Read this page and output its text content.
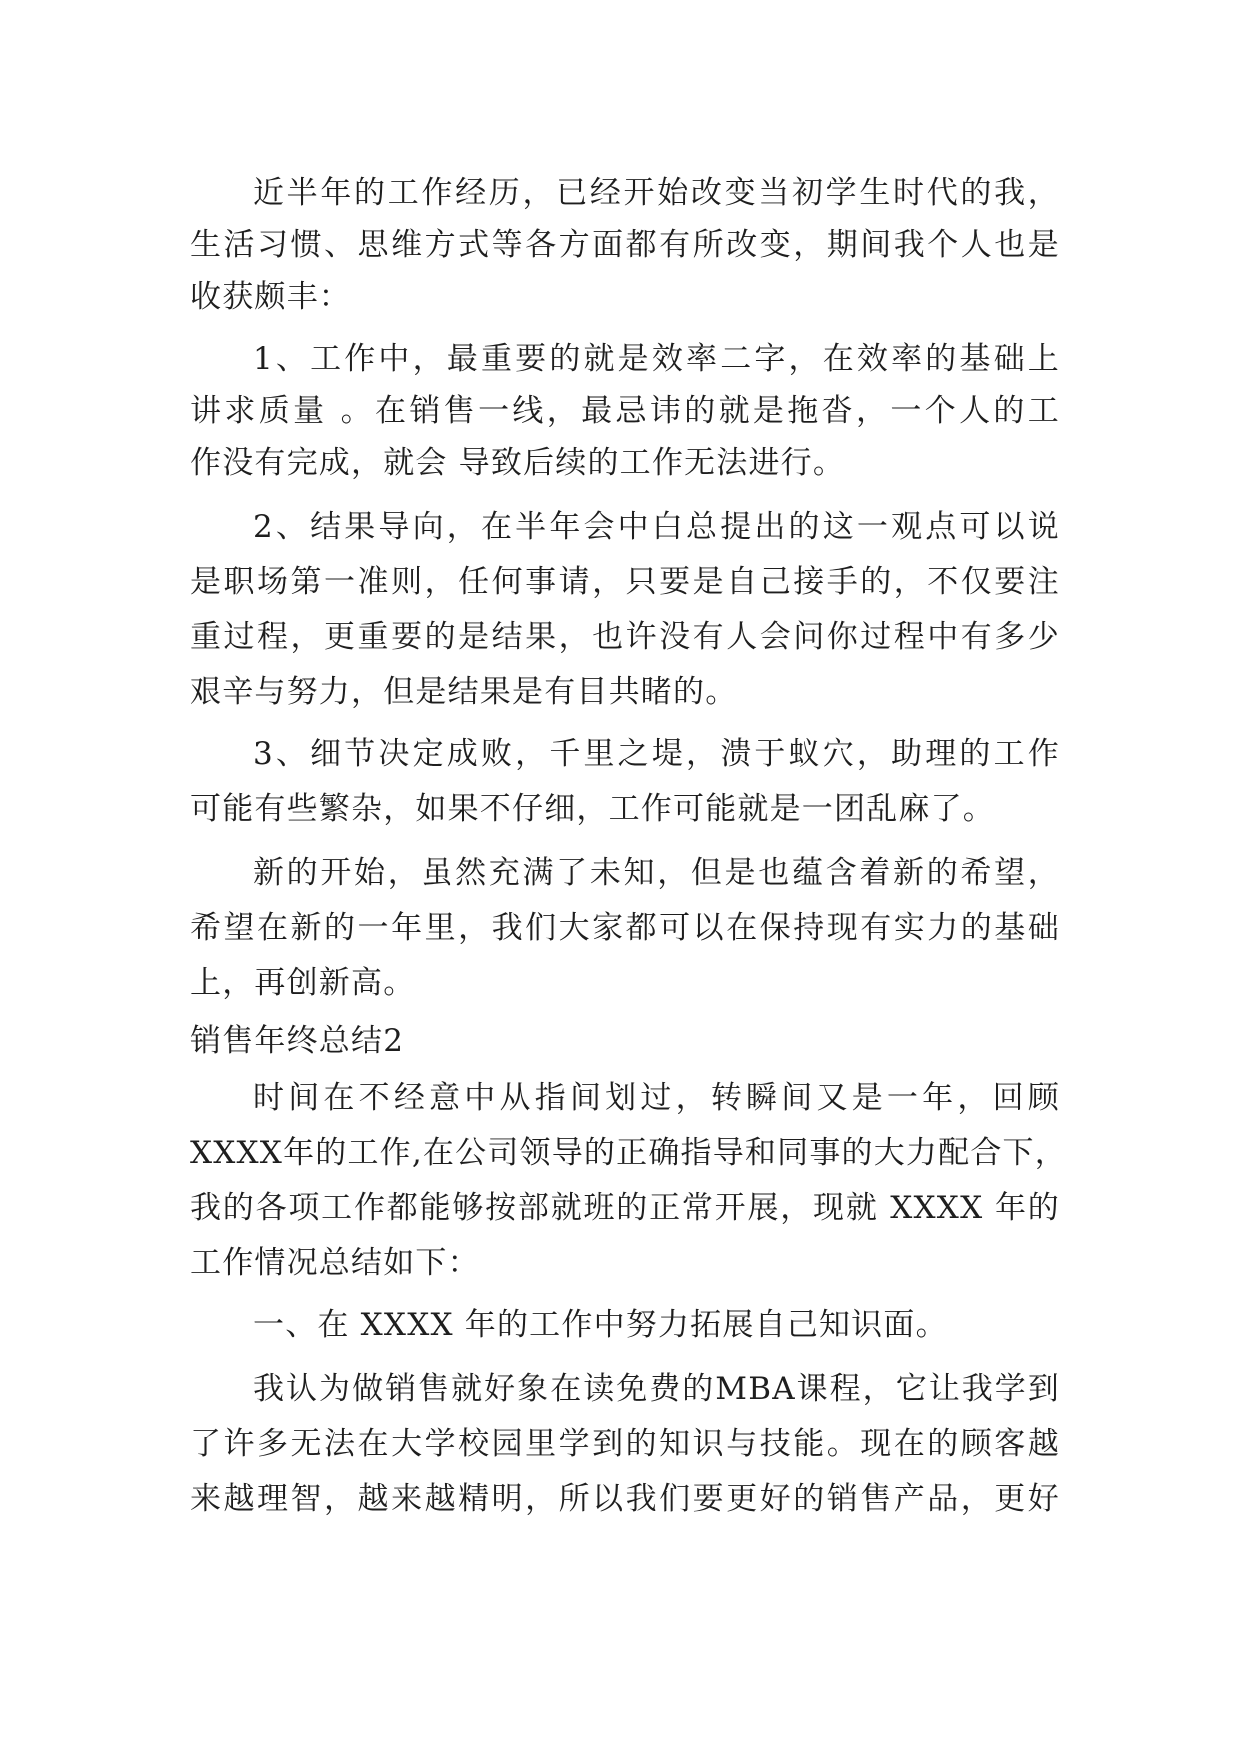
近半年的工作经历，已经开始改变当初学生时代的我，
生活习惯、思维方式等各方面都有所改变，期间我个人也是
收获颇丰：
1、工作中，最重要的就是效率二字，在效率的基础上
讲求质量 。在销售一线，最忌讳的就是拖沓，一个人的工
作没有完成，就会 导致后续的工作无法进行。
2、结果导向，在半年会中白总提出的这一观点可以说
是职场第一准则，任何事请，只要是自己接手的，不仅要注
重过程，更重要的是结果，也许没有人会问你过程中有多少
艰辛与努力，但是结果是有目共睹的。
3、细节决定成败，千里之堤，溃于蚁穴，助理的工作
可能有些繁杂，如果不仔细，工作可能就是一团乱麻了。
新的开始，虽然充满了未知，但是也蕴含着新的希望，
希望在新的一年里，我们大家都可以在保持现有实力的基础
上，再创新高。
销售年终总结2
时间在不经意中从指间划过，转瞬间又是一年，回顾
XXXX年的工作,在公司领导的正确指导和同事的大力配合下，
我的各项工作都能够按部就班的正常开展，现就 XXXX 年的
工作情况总结如下：
一、在 XXXX 年的工作中努力拓展自己知识面。
我认为做销售就好象在读免费的MBA课程，它让我学到
了许多无法在大学校园里学到的知识与技能。现在的顾客越
来越理智，越来越精明，所以我们要更好的销售产品，更好
